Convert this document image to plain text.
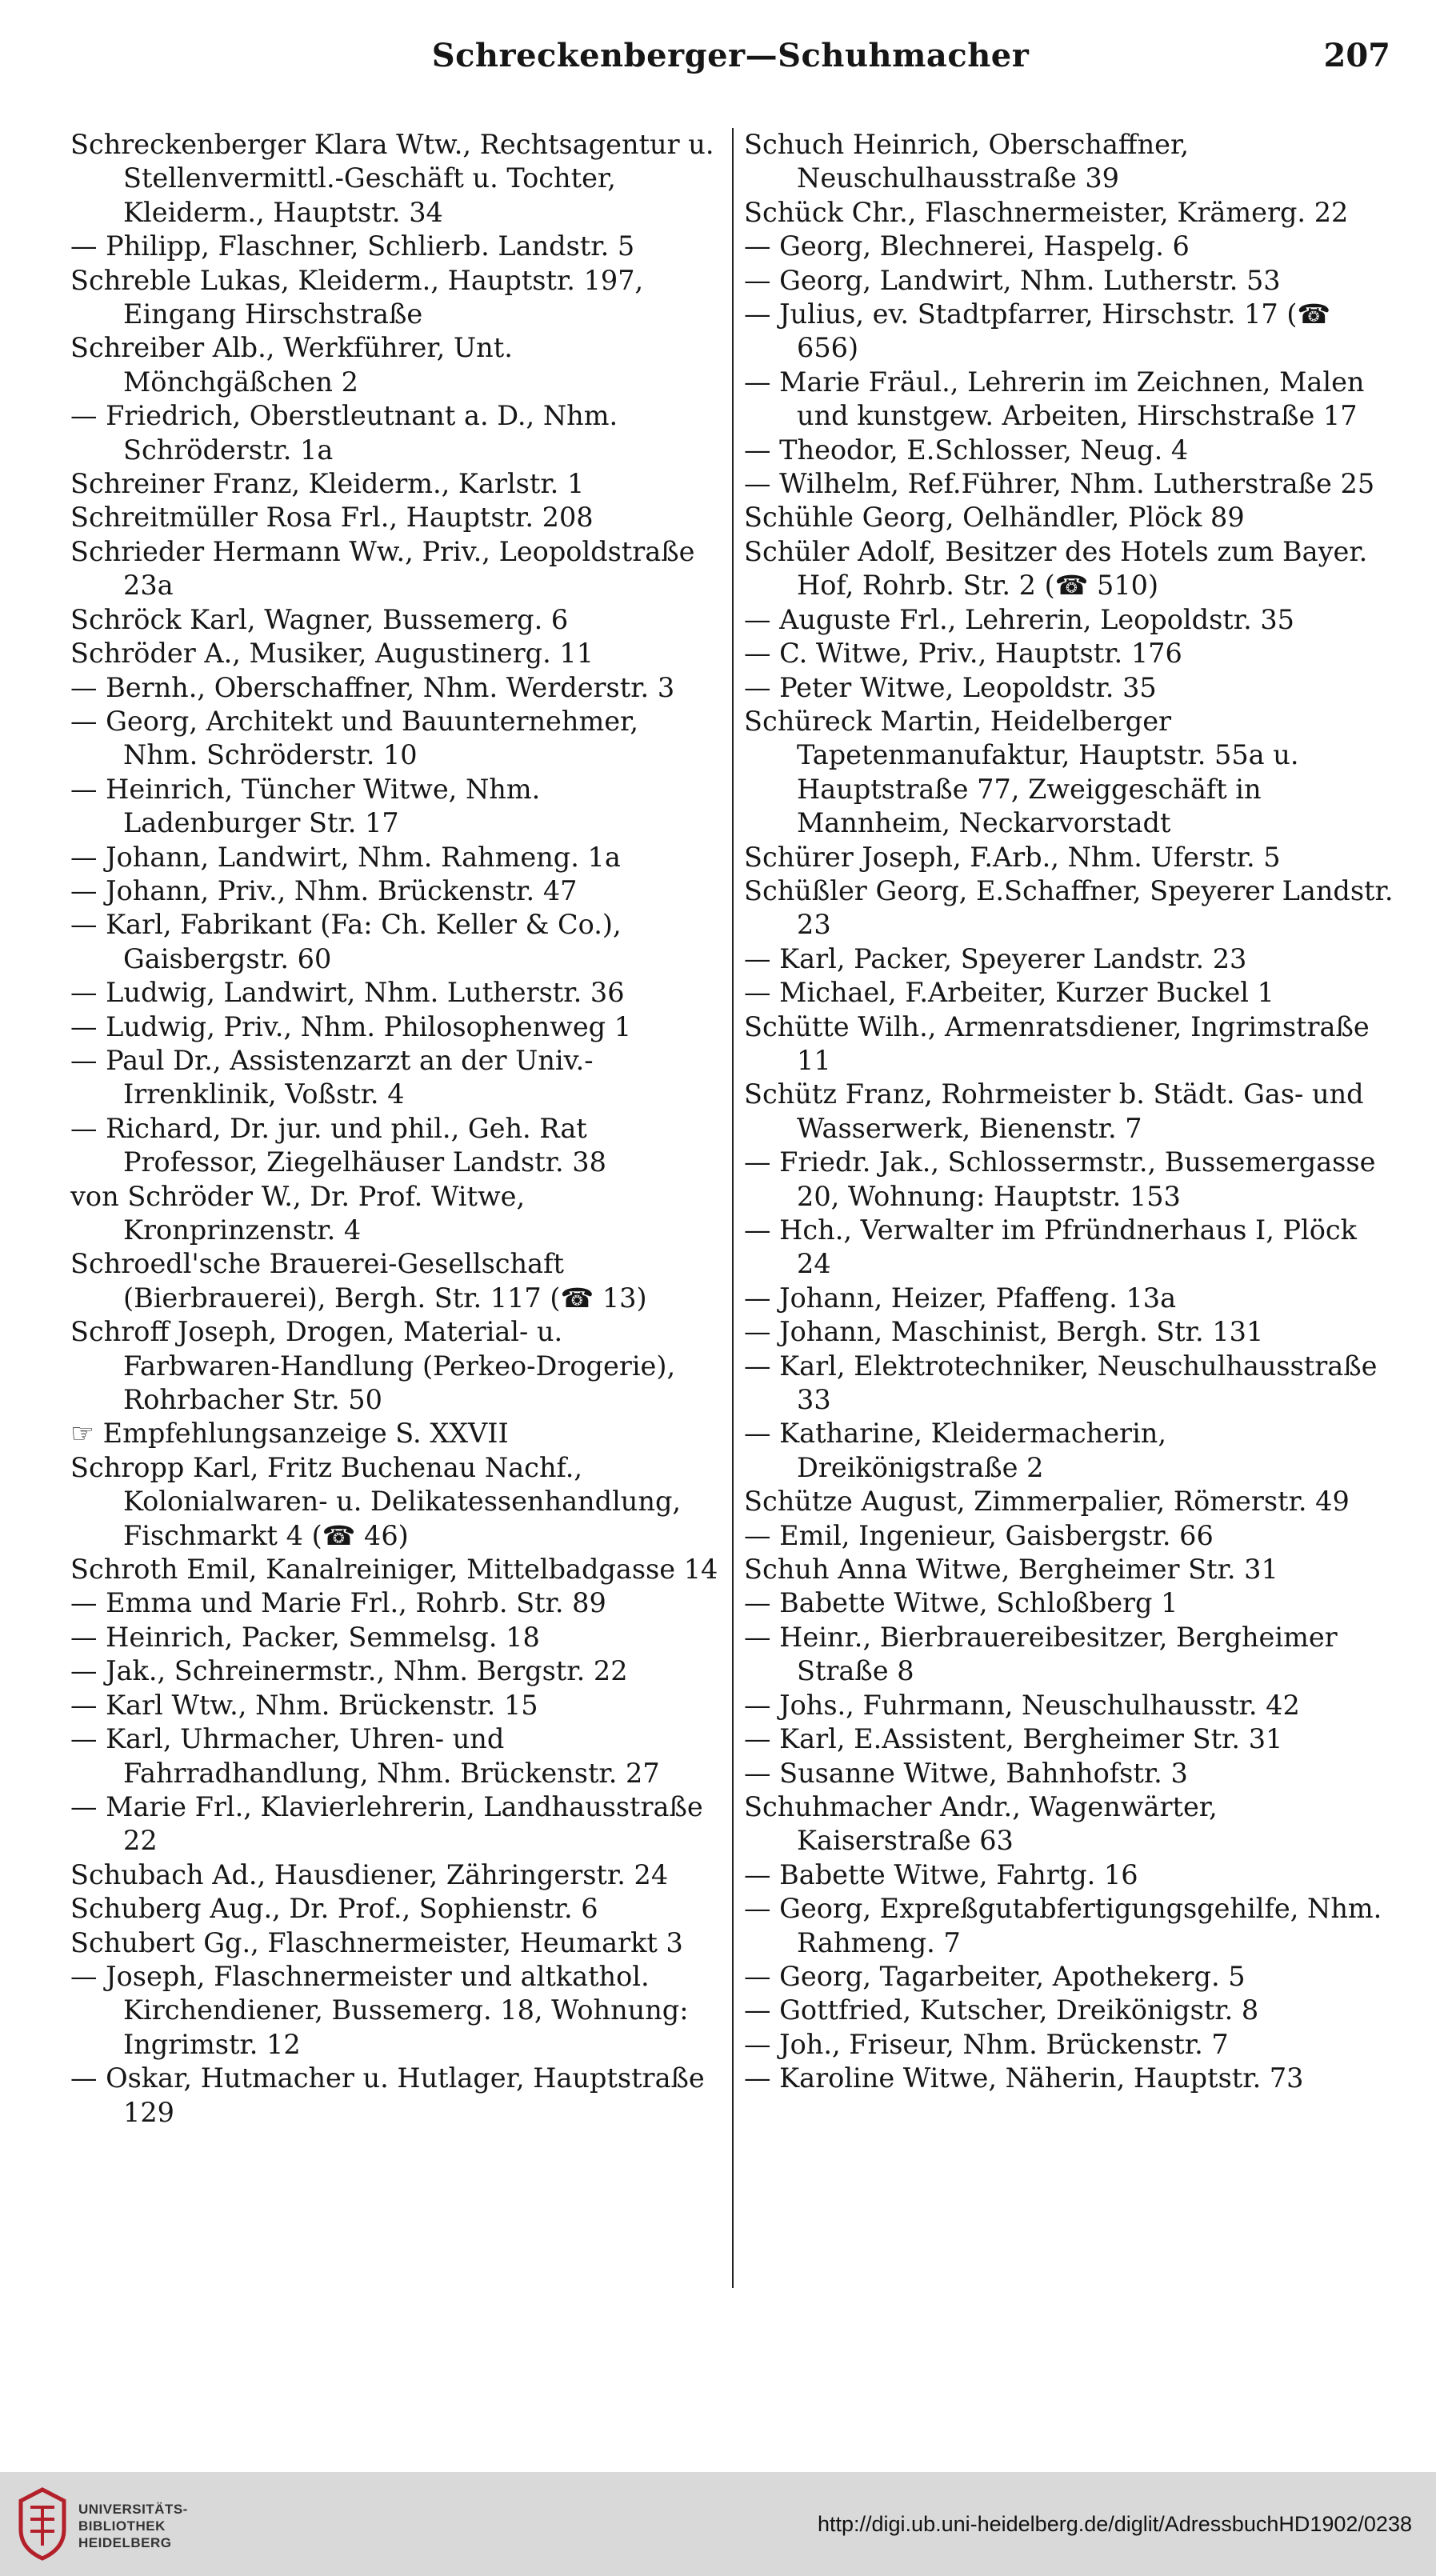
Schreckenberger—Schuhmacher	207
Schreckenberger Klara Wtw., Rechtsagentur u. Stellenvermittl.-Geschäft u. Tochter, Kleiderm., Hauptstr. 34
— Philipp, Flaschner, Schlierb. Landstr. 5
Schreble Lukas, Kleiderm., Hauptstr. 197, Eingang Hirschstraße
Schreiber Alb., Werkführer, Unt. Mönchgäßchen 2
— Friedrich, Oberstleutnant a. D., Nhm. Schröderstr. 1a
Schreiner Franz, Kleiderm., Karlstr. 1
Schreitmüller Rosa Frl., Hauptstr. 208
Schrieder Hermann Ww., Priv., Leopoldstraße 23a
Schröck Karl, Wagner, Bussemerg. 6
Schröder A., Musiker, Augustinerg. 11
— Bernh., Oberschaffner, Nhm. Werderstr. 3
— Georg, Architekt und Bauunternehmer, Nhm. Schröderstr. 10
— Heinrich, Tüncher Witwe, Nhm. Ladenburger Str. 17
— Johann, Landwirt, Nhm. Rahmeng. 1a
— Johann, Priv., Nhm. Brückenstr. 47
— Karl, Fabrikant (Fa: Ch. Keller & Co.), Gaisbergstr. 60
— Ludwig, Landwirt, Nhm. Lutherstr. 36
— Ludwig, Priv., Nhm. Philosophenweg 1
— Paul Dr., Assistenzarzt an der Univ.-Irrenklinik, Voßstr. 4
— Richard, Dr. jur. und phil., Geh. Rat Professor, Ziegelhäuser Landstr. 38
von Schröder W., Dr. Prof. Witwe, Kronprinzenstr. 4
Schroedl'sche Brauerei-Gesellschaft (Bierbrauerei), Bergh. Str. 117 (☎ 13)
Schroff Joseph, Drogen, Material- u. Farbwaren-Handlung (Perkeo-Drogerie), Rohrbacher Str. 50
☞ Empfehlungsanzeige S. XXVII
Schropp Karl, Fritz Buchenau Nachf., Kolonialwaren- u. Delikatessenhandlung, Fischmarkt 4 (☎ 46)
Schroth Emil, Kanalreiniger, Mittelbadgasse 14
— Emma und Marie Frl., Rohrb. Str. 89
— Heinrich, Packer, Semmelsg. 18
— Jak., Schreinermstr., Nhm. Bergstr. 22
— Karl Wtw., Nhm. Brückenstr. 15
— Karl, Uhrmacher, Uhren- und Fahrradhandlung, Nhm. Brückenstr. 27
— Marie Frl., Klavierlehrerin, Landhausstraße 22
Schubach Ad., Hausdiener, Zähringerstr. 24
Schuberg Aug., Dr. Prof., Sophienstr. 6
Schubert Gg., Flaschnermeister, Heumarkt 3
— Joseph, Flaschnermeister und altkathol. Kirchendiener, Bussemerg. 18, Wohnung: Ingrimstr. 12
— Oskar, Hutmacher u. Hutlager, Hauptstraße 129
Schuch Heinrich, Oberschaffner, Neuschulhausstraße 39
Schück Chr., Flaschnermeister, Krämerg. 22
— Georg, Blechnerei, Haspelg. 6
— Georg, Landwirt, Nhm. Lutherstr. 53
— Julius, ev. Stadtpfarrer, Hirschstr. 17 (☎ 656)
— Marie Fräul., Lehrerin im Zeichnen, Malen und kunstgew. Arbeiten, Hirschstraße 17
— Theodor, E.Schlosser, Neug. 4
— Wilhelm, Ref.Führer, Nhm. Lutherstraße 25
Schühle Georg, Oelhändler, Plöck 89
Schüler Adolf, Besitzer des Hotels zum Bayer. Hof, Rohrb. Str. 2 (☎ 510)
— Auguste Frl., Lehrerin, Leopoldstr. 35
— C. Witwe, Priv., Hauptstr. 176
— Peter Witwe, Leopoldstr. 35
Schüreck Martin, Heidelberger Tapetenmanufaktur, Hauptstr. 55a u. Hauptstraße 77, Zweiggeschäft in Mannheim, Neckarvorstadt
Schürer Joseph, F.Arb., Nhm. Uferstr. 5
Schüßler Georg, E.Schaffner, Speyerer Landstr. 23
— Karl, Packer, Speyerer Landstr. 23
— Michael, F.Arbeiter, Kurzer Buckel 1
Schütte Wilh., Armenratsdiener, Ingrimstraße 11
Schütz Franz, Rohrmeister b. Städt. Gas- und Wasserwerk, Bienenstr. 7
— Friedr. Jak., Schlossermstr., Bussemergasse 20, Wohnung: Hauptstr. 153
— Hch., Verwalter im Pfründnerhaus I, Plöck 24
— Johann, Heizer, Pfaffeng. 13a
— Johann, Maschinist, Bergh. Str. 131
— Karl, Elektrotechniker, Neuschulhausstraße 33
— Katharine, Kleidermacherin, Dreikönigstraße 2
Schütze August, Zimmerpalier, Römerstr. 49
— Emil, Ingenieur, Gaisbergstr. 66
Schuh Anna Witwe, Bergheimer Str. 31
— Babette Witwe, Schloßberg 1
— Heinr., Bierbrauereibesitzer, Bergheimer Straße 8
— Johs., Fuhrmann, Neuschulhausstr. 42
— Karl, E.Assistent, Bergheimer Str. 31
— Susanne Witwe, Bahnhofstr. 3
Schuhmacher Andr., Wagenwärter, Kaiserstraße 63
— Babette Witwe, Fahrtg. 16
— Georg, Expreßgutabfertigungsgehilfe, Nhm. Rahmeng. 7
— Georg, Tagarbeiter, Apothekerg. 5
— Gottfried, Kutscher, Dreikönigstr. 8
— Joh., Friseur, Nhm. Brückenstr. 7
— Karoline Witwe, Näherin, Hauptstr. 73
UNIVERSITÄTS-
BIBLIOTHEK
HEIDELBERG
http://digi.ub.uni-heidelberg.de/diglit/AdressbuchHD1902/0238
